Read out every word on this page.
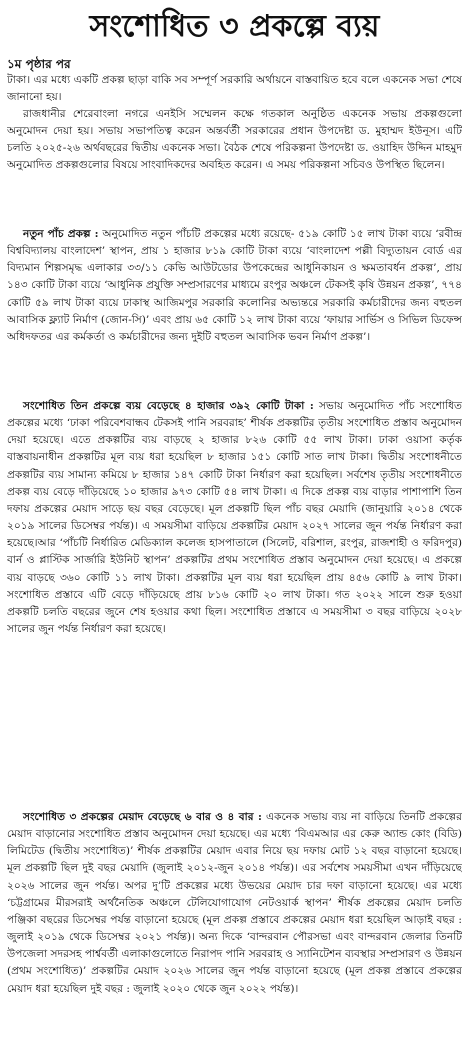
সংশোধিত ৩ প্রকল্পে ব্যয়

১ম পৃষ্ঠার পর

টাকা। এর মধ্যে একটি প্রকল্প ছাড়া বাকি সব সম্পূর্ণ সরকারি অর্থায়নে বাস্তবায়িত হবে বলে একনেক সভা শেষে জানানো হয়।

রাজধানীর শেরেবাংলা নগরে এনইসি সম্মেলন কক্ষে গতকাল অনুষ্ঠিত একনেক সভায় প্রকল্পগুলো অনুমোদন দেয়া হয়। সভায় সভাপতিত্ব করেন অন্তর্বর্তী সরকারের প্রধান উপদেষ্টা ড. মুহাম্মদ ইউনূস। এটি চলতি ২০২৫-২৬ অর্থবছরের দ্বিতীয় একনেক সভা। বৈঠক শেষে পরিকল্পনা উপদেষ্টা ড. ওয়াহিদ উদ্দিন মাহমুদ অনুমোদিত প্রকল্পগুলোর বিষয়ে সাংবাদিকদের অবহিত করেন। এ সময় পরিকল্পনা সচিবও উপস্থিত ছিলেন।

নতুন পাঁচ প্রকল্প : অনুমোদিত নতুন পাঁচটি প্রকল্পের মধ্যে রয়েছে- ৫১৯ কোটি ১৫ লাখ টাকা ব্যয়ে ‘রবীন্দ্র বিশ্ববিদ্যালয় বাংলাদেশ’ স্থাপন, প্রায় ১ হাজার ৮১৯ কোটি টাকা ব্যয়ে ‘বাংলাদেশ পল্লী বিদ্যুতায়ন বোর্ড এর বিদ্যমান শিল্পসমৃদ্ধ এলাকার ৩৩/১১ কেভি আউটডোর উপকেন্দ্রের আধুনিকায়ন ও ক্ষমতাবর্ধন প্রকল্প’, প্রায় ১৪৩ কোটি টাকা ব্যয়ে ‘আধুনিক প্রযুক্তি সম্প্রসারণের মাধ্যমে রংপুর অঞ্চলে টেকসই কৃষি উন্নয়ন প্রকল্প’, ৭৭৪ কোটি ৫৯ লাখ টাকা ব্যয়ে ঢাকাস্থ আজিমপুর সরকারি কলোনির অভ্যন্তরে সরকারি কর্মচারীদের জন্য বহুতল আবাসিক ফ্ল্যাট নির্মাণ (জোন-সি)’ এবং প্রায় ৬৫ কোটি ১২ লাখ টাকা ব্যয়ে ‘ফায়ার সার্ভিস ও সিভিল ডিফেন্স অধিদফতর এর কর্মকর্তা ও কর্মচারীদের জন্য দুইটি বহুতল আবাসিক ভবন নির্মাণ প্রকল্প’।

সংশোধিত তিন প্রকল্পে ব্যয় বেড়েছে ৪ হাজার ৩৯২ কোটি টাকা : সভায় অনুমোদিত পাঁচ সংশোধিত প্রকল্পের মধ্যে ‘ঢাকা পরিবেশবান্ধব টেকসই পানি সরবরাহ’ শীর্ষক প্রকল্পটির তৃতীয় সংশোধিত প্রস্তাব অনুমোদন দেয়া হয়েছে। এতে প্রকল্পটির ব্যয় বাড়ছে ২ হাজার ৮২৬ কোটি ৫৫ লাখ টাকা। ঢাকা ওয়াসা কর্তৃক বাস্তবায়নাধীন প্রকল্পটির মূল ব্যয় ধরা হয়েছিল ৮ হাজার ১৫১ কোটি সাত লাখ টাকা। দ্বিতীয় সংশোধনীতে প্রকল্পটির ব্যয় সামান্য কমিয়ে ৮ হাজার ১৪৭ কোটি টাকা নির্ধারণ করা হয়েছিল। সর্বশেষ তৃতীয় সংশোধনীতে প্রকল্প ব্যয় বেড়ে দাঁড়িয়েছে ১০ হাজার ৯৭৩ কোটি ৫৪ লাখ টাকা। এ দিকে প্রকল্প ব্যয় বাড়ার পাশাপাশি তিন দফায় প্রকল্পের মেয়াদ সাড়ে ছয় বছর বেড়েছে। মূল প্রকল্পটি ছিল পাঁচ বছর মেয়াদি (জানুয়ারি ২০১৪ থেকে ২০১৯ সালের ডিসেম্বর পর্যন্ত)। এ সময়সীমা বাড়িয়ে প্রকল্পটির মেয়াদ ২০২৭ সালের জুন পর্যন্ত নির্ধারণ করা হয়েছে।আর ‘পাঁচটি নির্ধারিত মেডিক্যাল কলেজ হাসপাতালে (সিলেট, বরিশাল, রংপুর, রাজশাহী ও ফরিদপুর) বার্ন ও প্লাস্টিক সার্জারি ইউনিট স্থাপন’ প্রকল্পটির প্রথম সংশোধিত প্রস্তাব অনুমোদন দেয়া হয়েছে। এ প্রকল্পে ব্যয় বাড়ছে ৩৬০ কোটি ১১ লাখ টাকা। প্রকল্পটির মূল ব্যয় ধরা হয়েছিল প্রায় ৪৫৬ কোটি ৯ লাখ টাকা। সংশোধিত প্রস্তাবে এটি বেড়ে দাঁড়িয়েছে প্রায় ৮১৬ কোটি ২০ লাখ টাকা। গত ২০২২ সালে শুরু হওয়া প্রকল্পটি চলতি বছরের জুনে শেষ হওয়ার কথা ছিল। সংশোধিত প্রস্তাবে এ সময়সীমা ৩ বছর বাড়িয়ে ২০২৮ সালের জুন পর্যন্ত নির্ধারণ করা হয়েছে।

সংশোধিত ৩ প্রকল্পের মেয়াদ বেড়েছে ৬ বার ও ৪ বার : একনেক সভায় ব্যয় না বাড়িয়ে তিনটি প্রকল্পের মেয়াদ বাড়ানোর সংশোধিত প্রস্তাব অনুমোদন দেয়া হয়েছে। এর মধ্যে ‘বিএমআর এর কেরু অ্যান্ড কোং (বিডি) লিমিটেড (দ্বিতীয় সংশোধিত)’ শীর্ষক প্রকল্পটির মেয়াদ এবার নিয়ে ছয় দফায় মোট ১২ বছর বাড়ানো হয়েছে। মূল প্রকল্পটি ছিল দুই বছর মেয়াদি (জুলাই ২০১২-জুন ২০১৪ পর্যন্ত)। এর সর্বশেষ সময়সীমা এখন দাঁড়িয়েছে ২০২৬ সালের জুন পর্যন্ত। অপর দু’টি প্রকল্পের মধ্যে উভয়ের মেয়াদ চার দফা বাড়ানো হয়েছে। এর মধ্যে ‘চট্টগ্রামের মীরসরাই অর্থনৈতিক অঞ্চলে টেলিযোগাযোগ নেটওয়ার্ক স্থাপন’ শীর্ষক প্রকল্পের মেয়াদ চলতি পঞ্জিকা বছরের ডিসেম্বর পর্যন্ত বাড়ানো হয়েছে (মূল প্রকল্প প্রস্তাবে প্রকল্পের মেয়াদ ধরা হয়েছিল আড়াই বছর : জুলাই ২০১৯ থেকে ডিসেম্বর ২০২১ পর্যন্ত)। অন্য দিকে ‘বান্দরবান পৌরসভা এবং বান্দরবান জেলার তিনটি উপজেলা সদরসহ পার্শ্ববর্তী এলাকাগুলোতে নিরাপদ পানি সরবরাহ ও স্যানিটেশন ব্যবস্থার সম্প্রসারণ ও উন্নয়ন (প্রথম সংশোধিত)’ প্রকল্পটির মেয়াদ ২০২৬ সালের জুন পর্যন্ত বাড়ানো হয়েছে (মূল প্রকল্প প্রস্তাবে প্রকল্পের মেয়াদ ধরা হয়েছিল দুই বছর : জুলাই ২০২০ থেকে জুন ২০২২ পর্যন্ত)।
